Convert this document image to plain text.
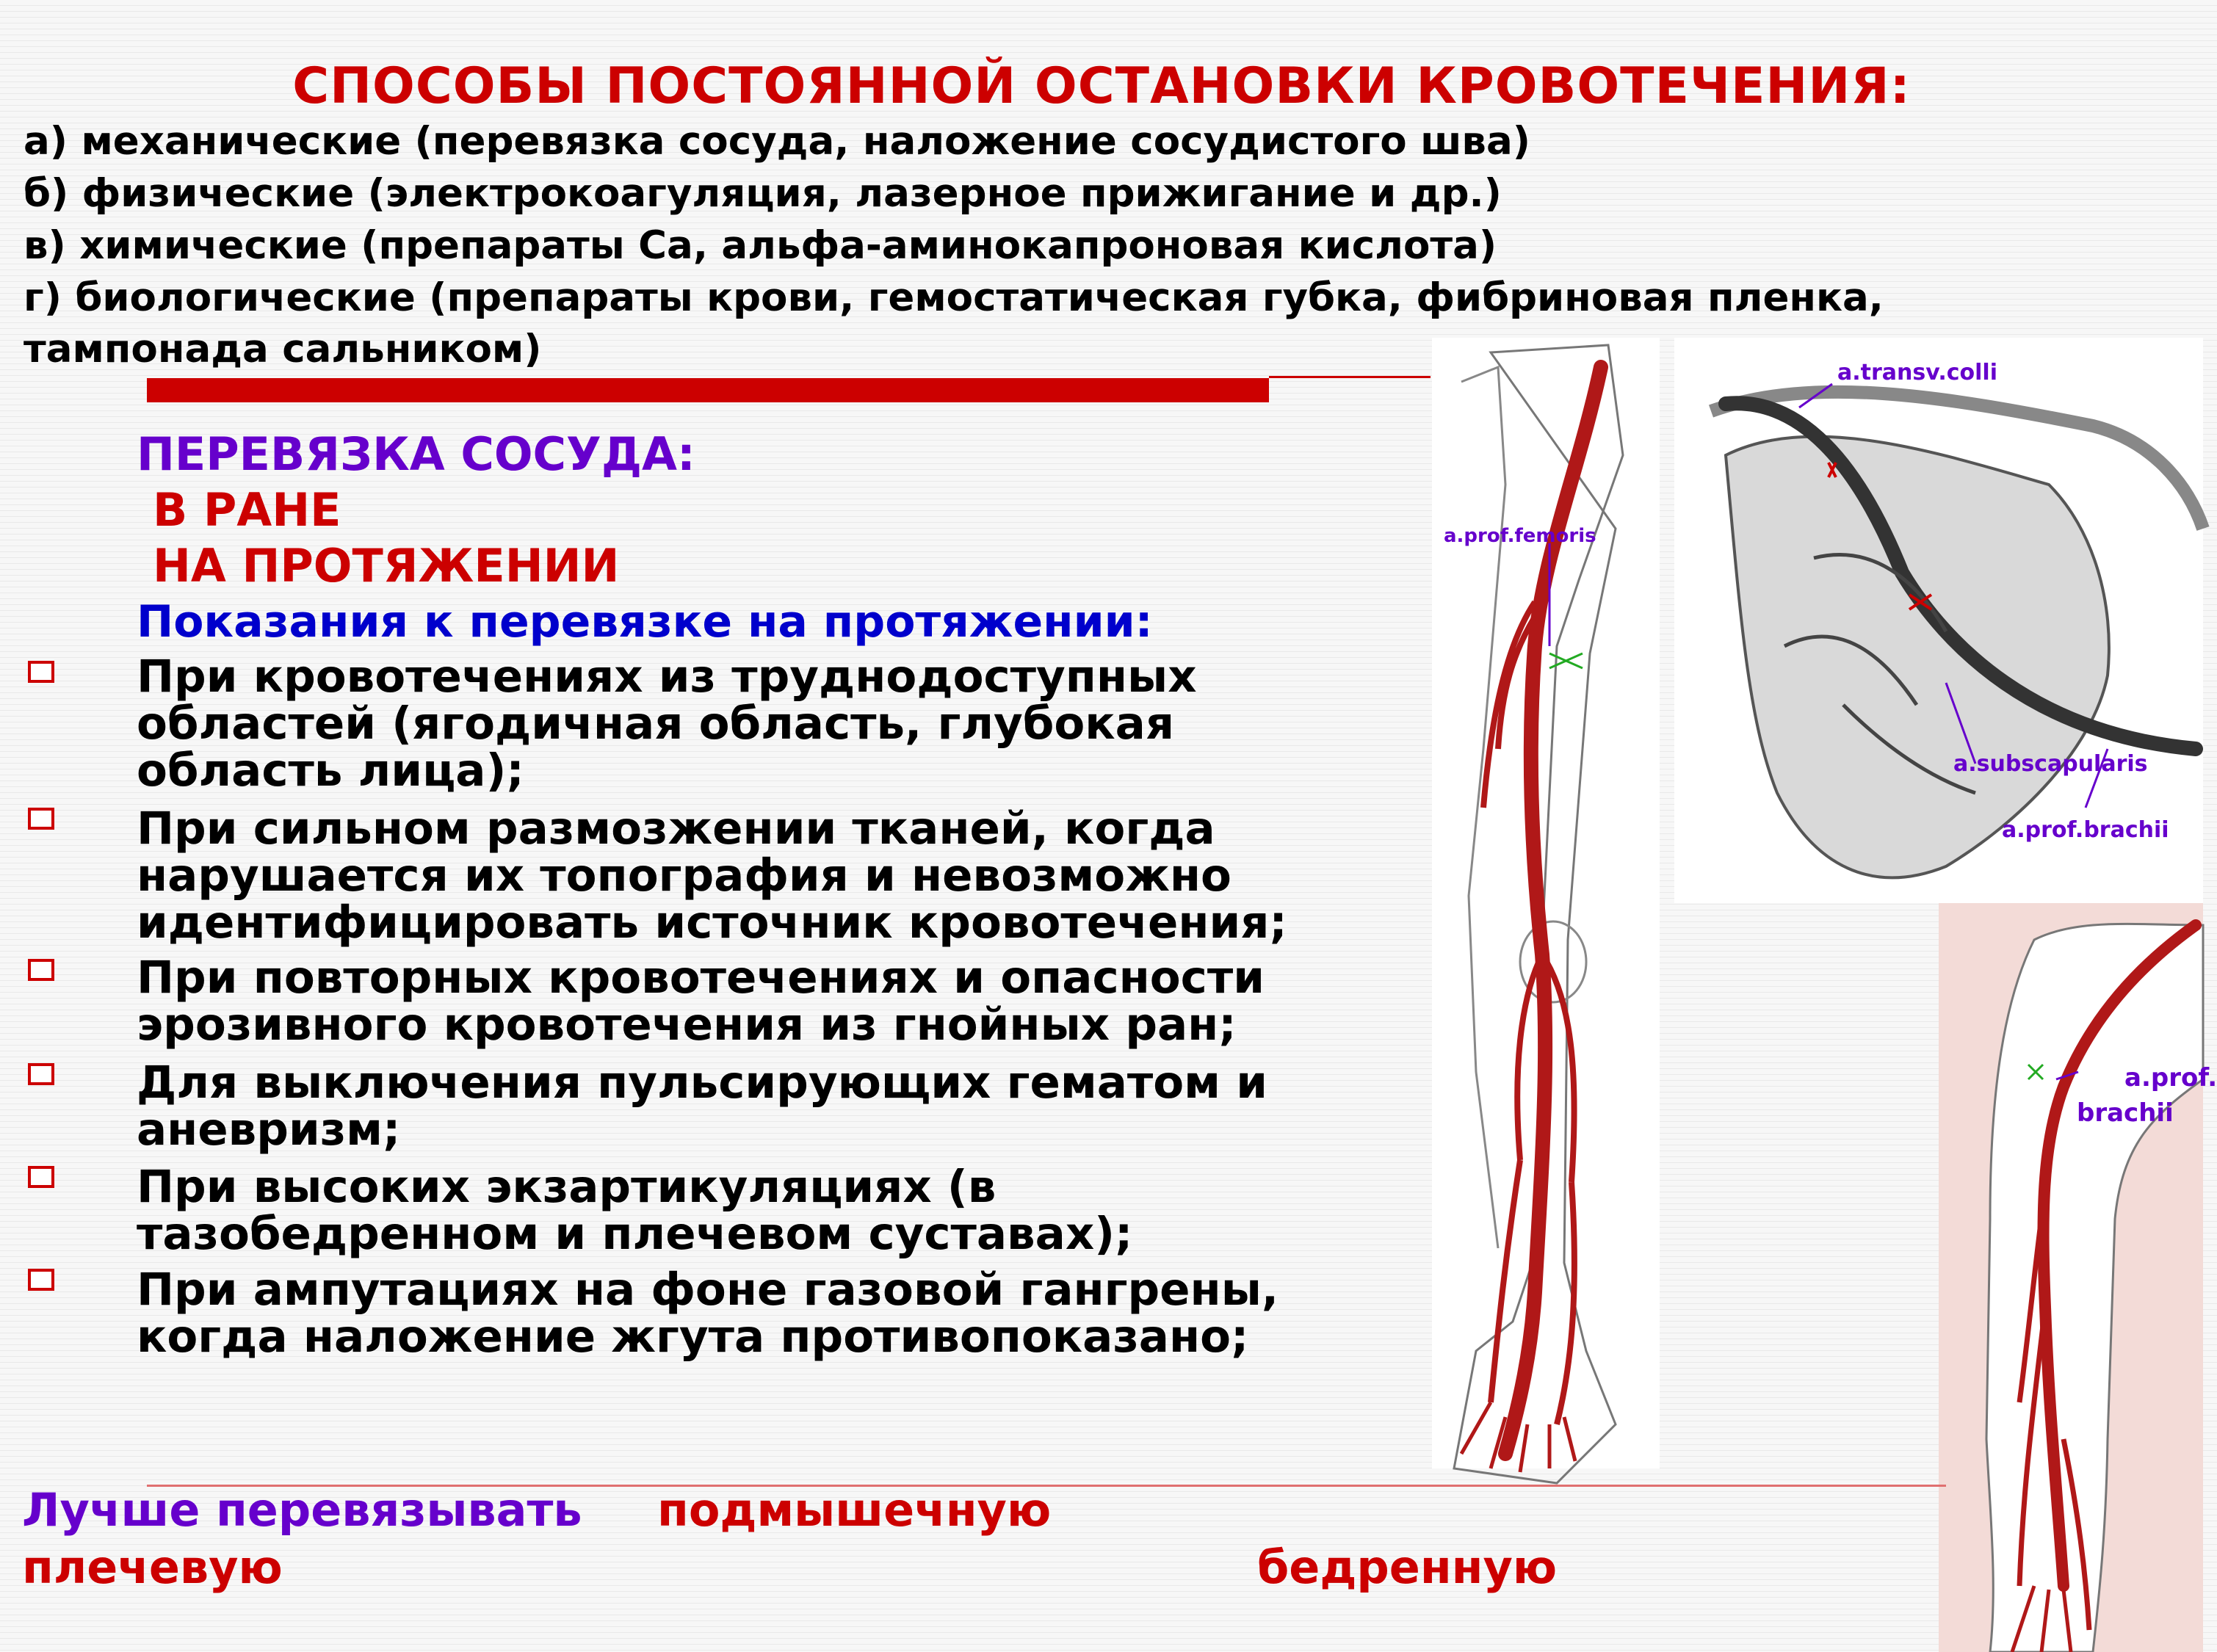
СПОСОБЫ ПОСТОЯННОЙ ОСТАНОВКИ КРОВОТЕЧЕНИЯ:
а) механические (перевязка сосуда, наложение сосудистого шва)
б) физические (электрокоагуляция, лазерное прижигание и др.)
в) химические (препараты Са, альфа-аминокапроновая кислота)
г) биологические (препараты крови, гемостатическая губка, фибриновая пленка,
тампонада сальником)
ПЕРЕВЯЗКА СОСУДА:
В РАНЕ
НА ПРОТЯЖЕНИИ
Показания к перевязке на протяжении:
При кровотечениях из труднодоступных
областей (ягодичная область, глубокая
область лица);
При сильном размозжении тканей, когда
нарушается их топография и невозможно
идентифицировать источник кровотечения;
При повторных кровотечениях и опасности
эрозивного кровотечения из гнойных ран;
Для выключения пульсирующих гематом и
аневризм;
При высоких экзартикуляциях (в
тазобедренном и плечевом суставах);
При ампутациях на фоне газовой гангрены,
когда наложение жгута противопоказано;
a.transv.colli
a.prof.femoris
a.subscapularis
a.prof.brachii
a.prof.
brachii
Лучше перевязывать подмышечную
плечевую	бедренную
